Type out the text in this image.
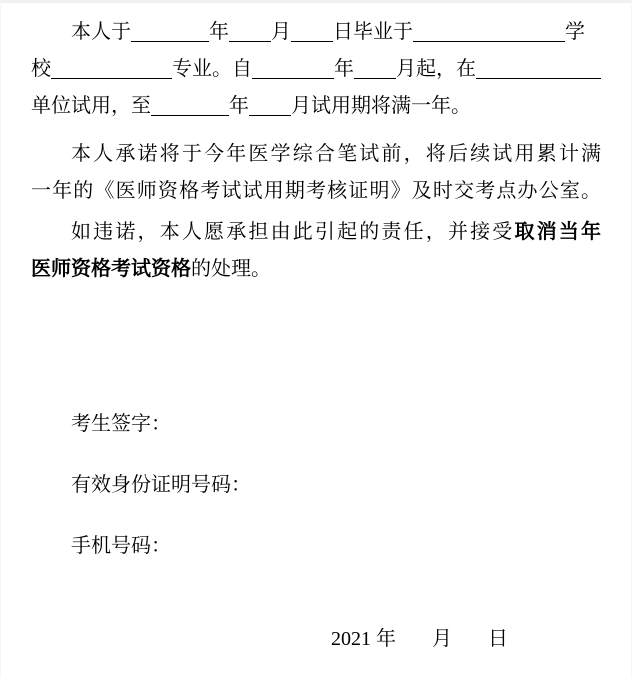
本人于	年 月 日毕业于	学
校	专业。自	年 月起，在
单位试用，至	年 月试用期将满一年。
本人承诺将于今年医学综合笔试前，将后续试用累计满
一年的《医师资格考试试用期考核证明》及时交考点办公室。
如违诺，本人愿承担由此引起的责任，并接受取消当年
医师资格考试资格的处理。
考生签字：
有效身份证明号码：
手机号码：
2021 年 月 日
